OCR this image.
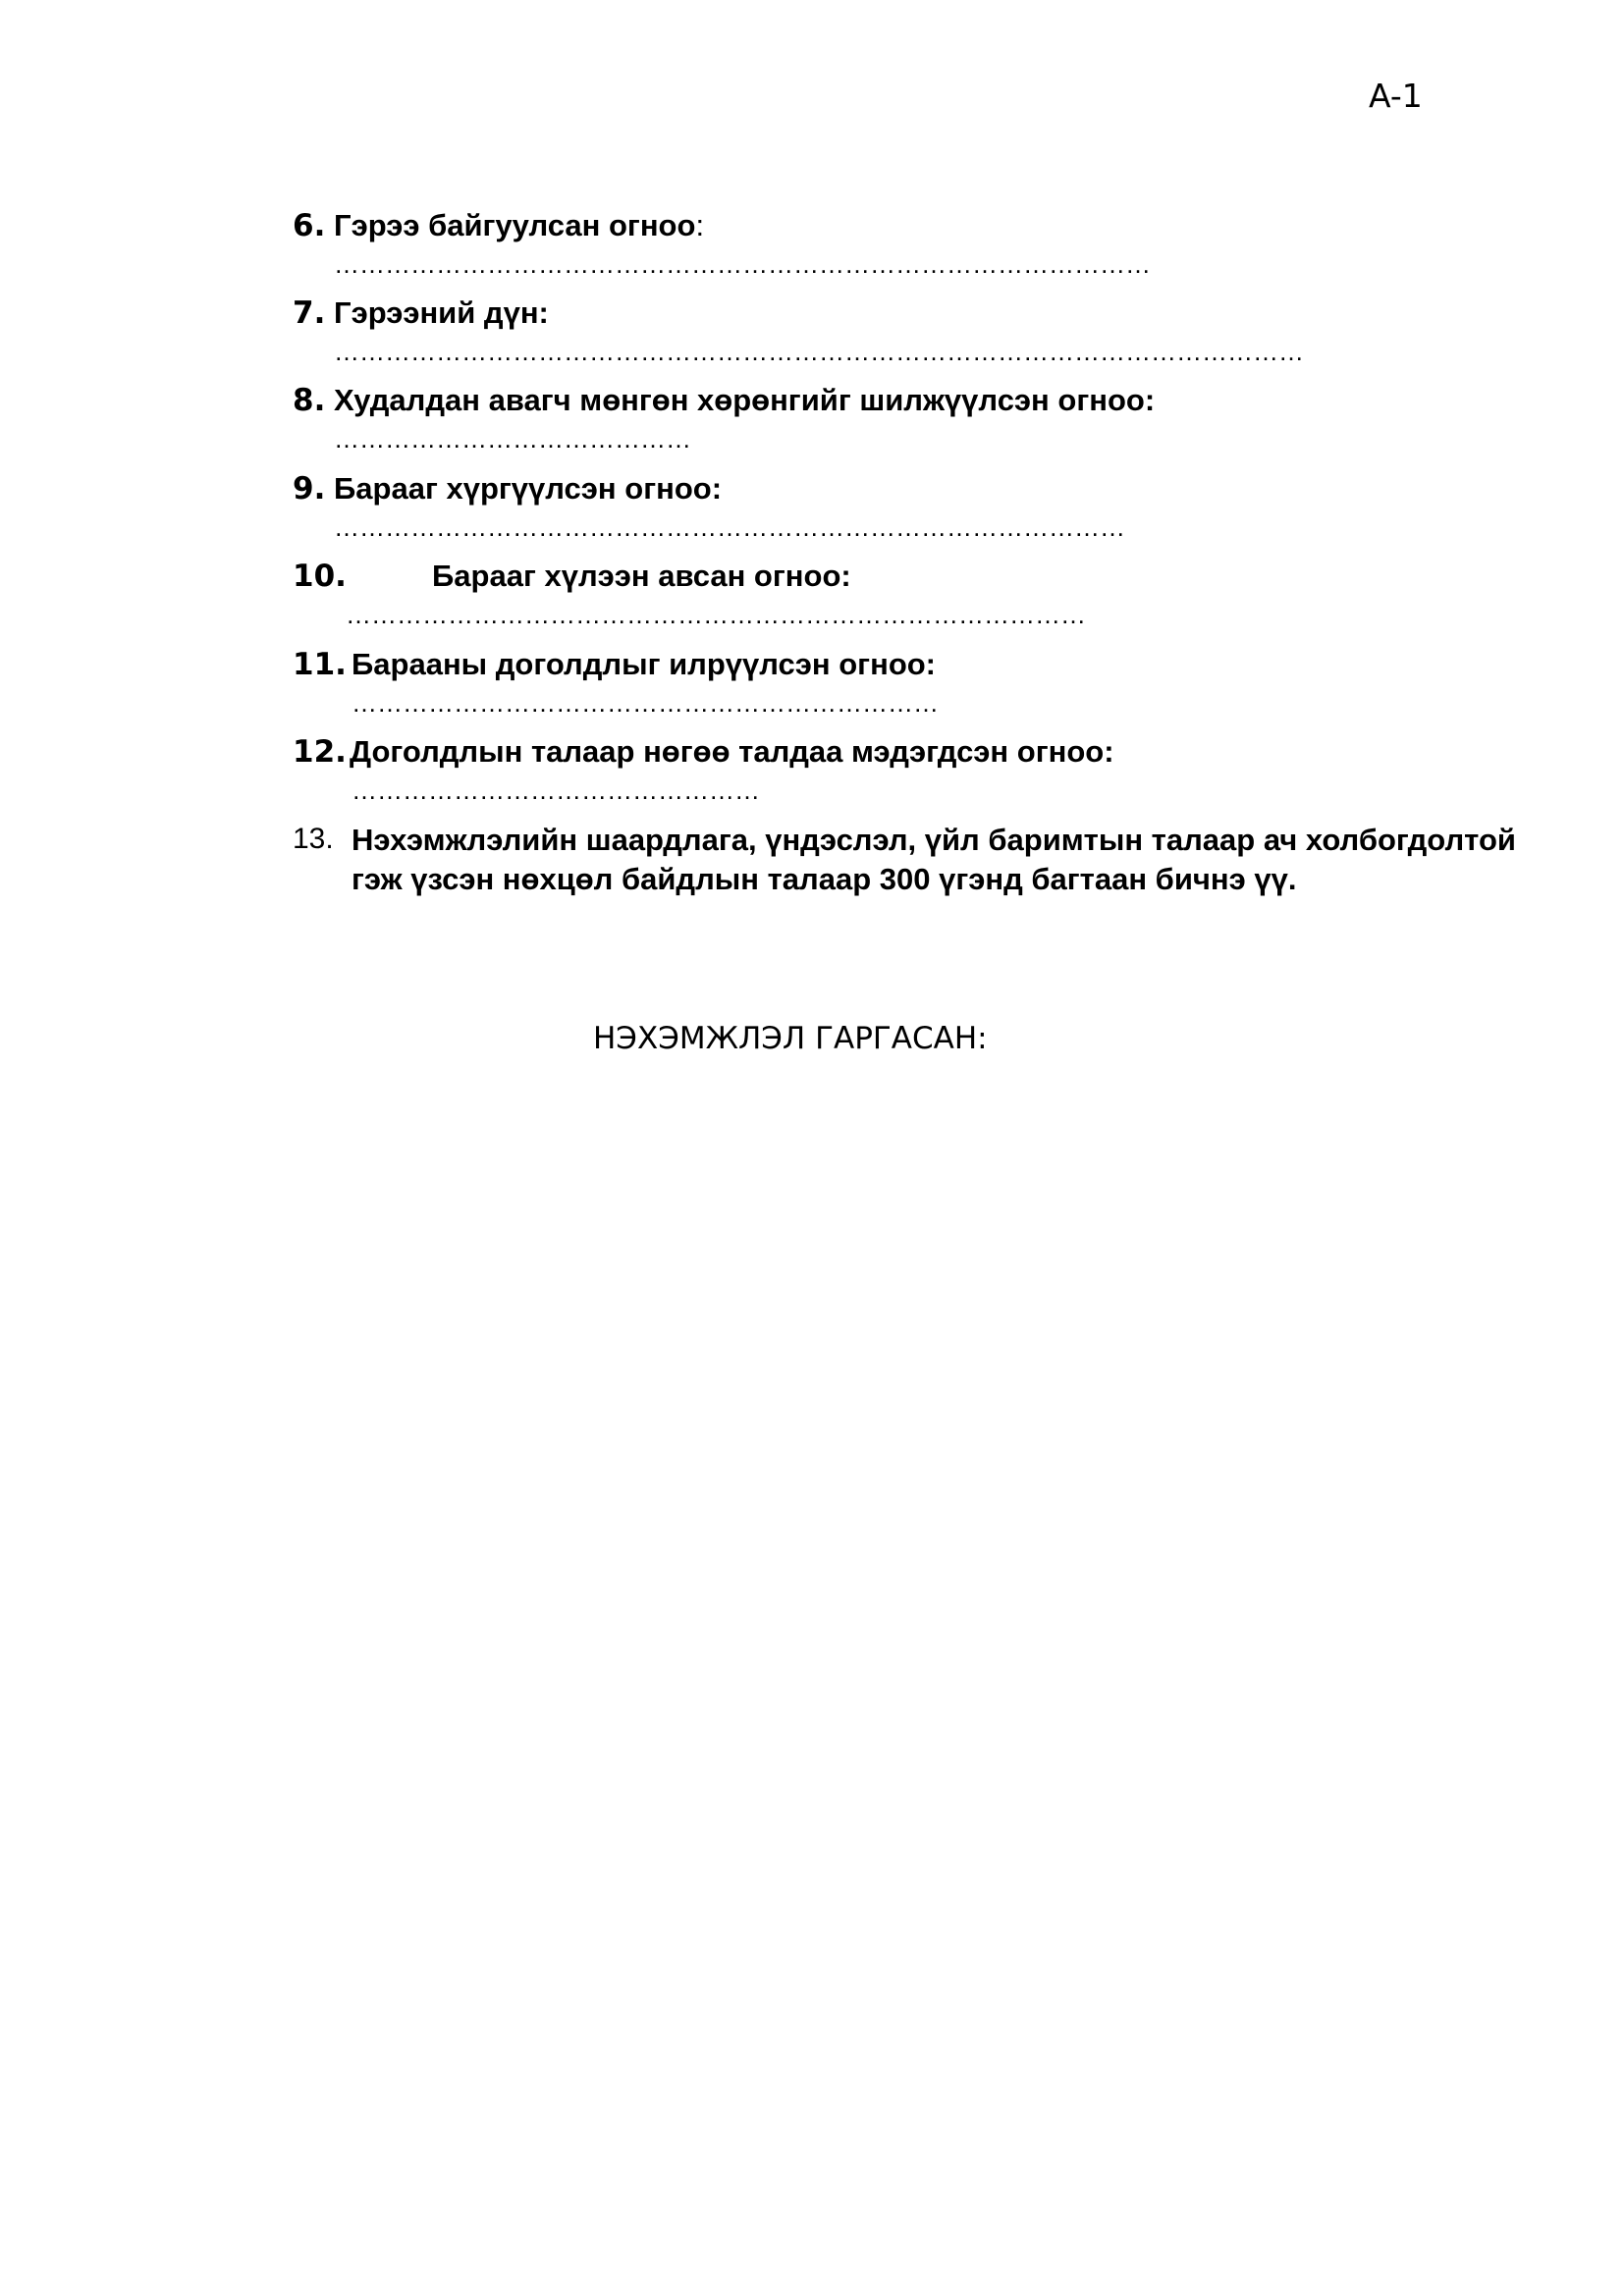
A-1
6. Гэрээ байгуулсан огноо:
……………………………………………………………………………………
7. Гэрээний дүн:
……………………………………………………………………………………………………
8. Худалдан авагч мөнгөн хөрөнгийг шилжүүлсэн огноо:
……………………………………
9. Барааг хүргүүлсэн огноо:
…………………………………………………………………………………
10.	Барааг хүлээн авсан огноо:
……………………………………………………………………………
11. Барааны доголдлыг илрүүлсэн огноо:
……………………………………………………………
12. Доголдлын талаар нөгөө талдаа мэдэгдсэн огноо:
…………………………………………
13. Нэхэмжлэлийн шаардлага, үндэслэл, үйл баримтын талаар ач холбогдолтой гэж үзсэн нөхцөл байдлын талаар 300 үгэнд багтаан бичнэ үү.
НЭХЭМЖЛЭЛ ГАРГАСАН:
